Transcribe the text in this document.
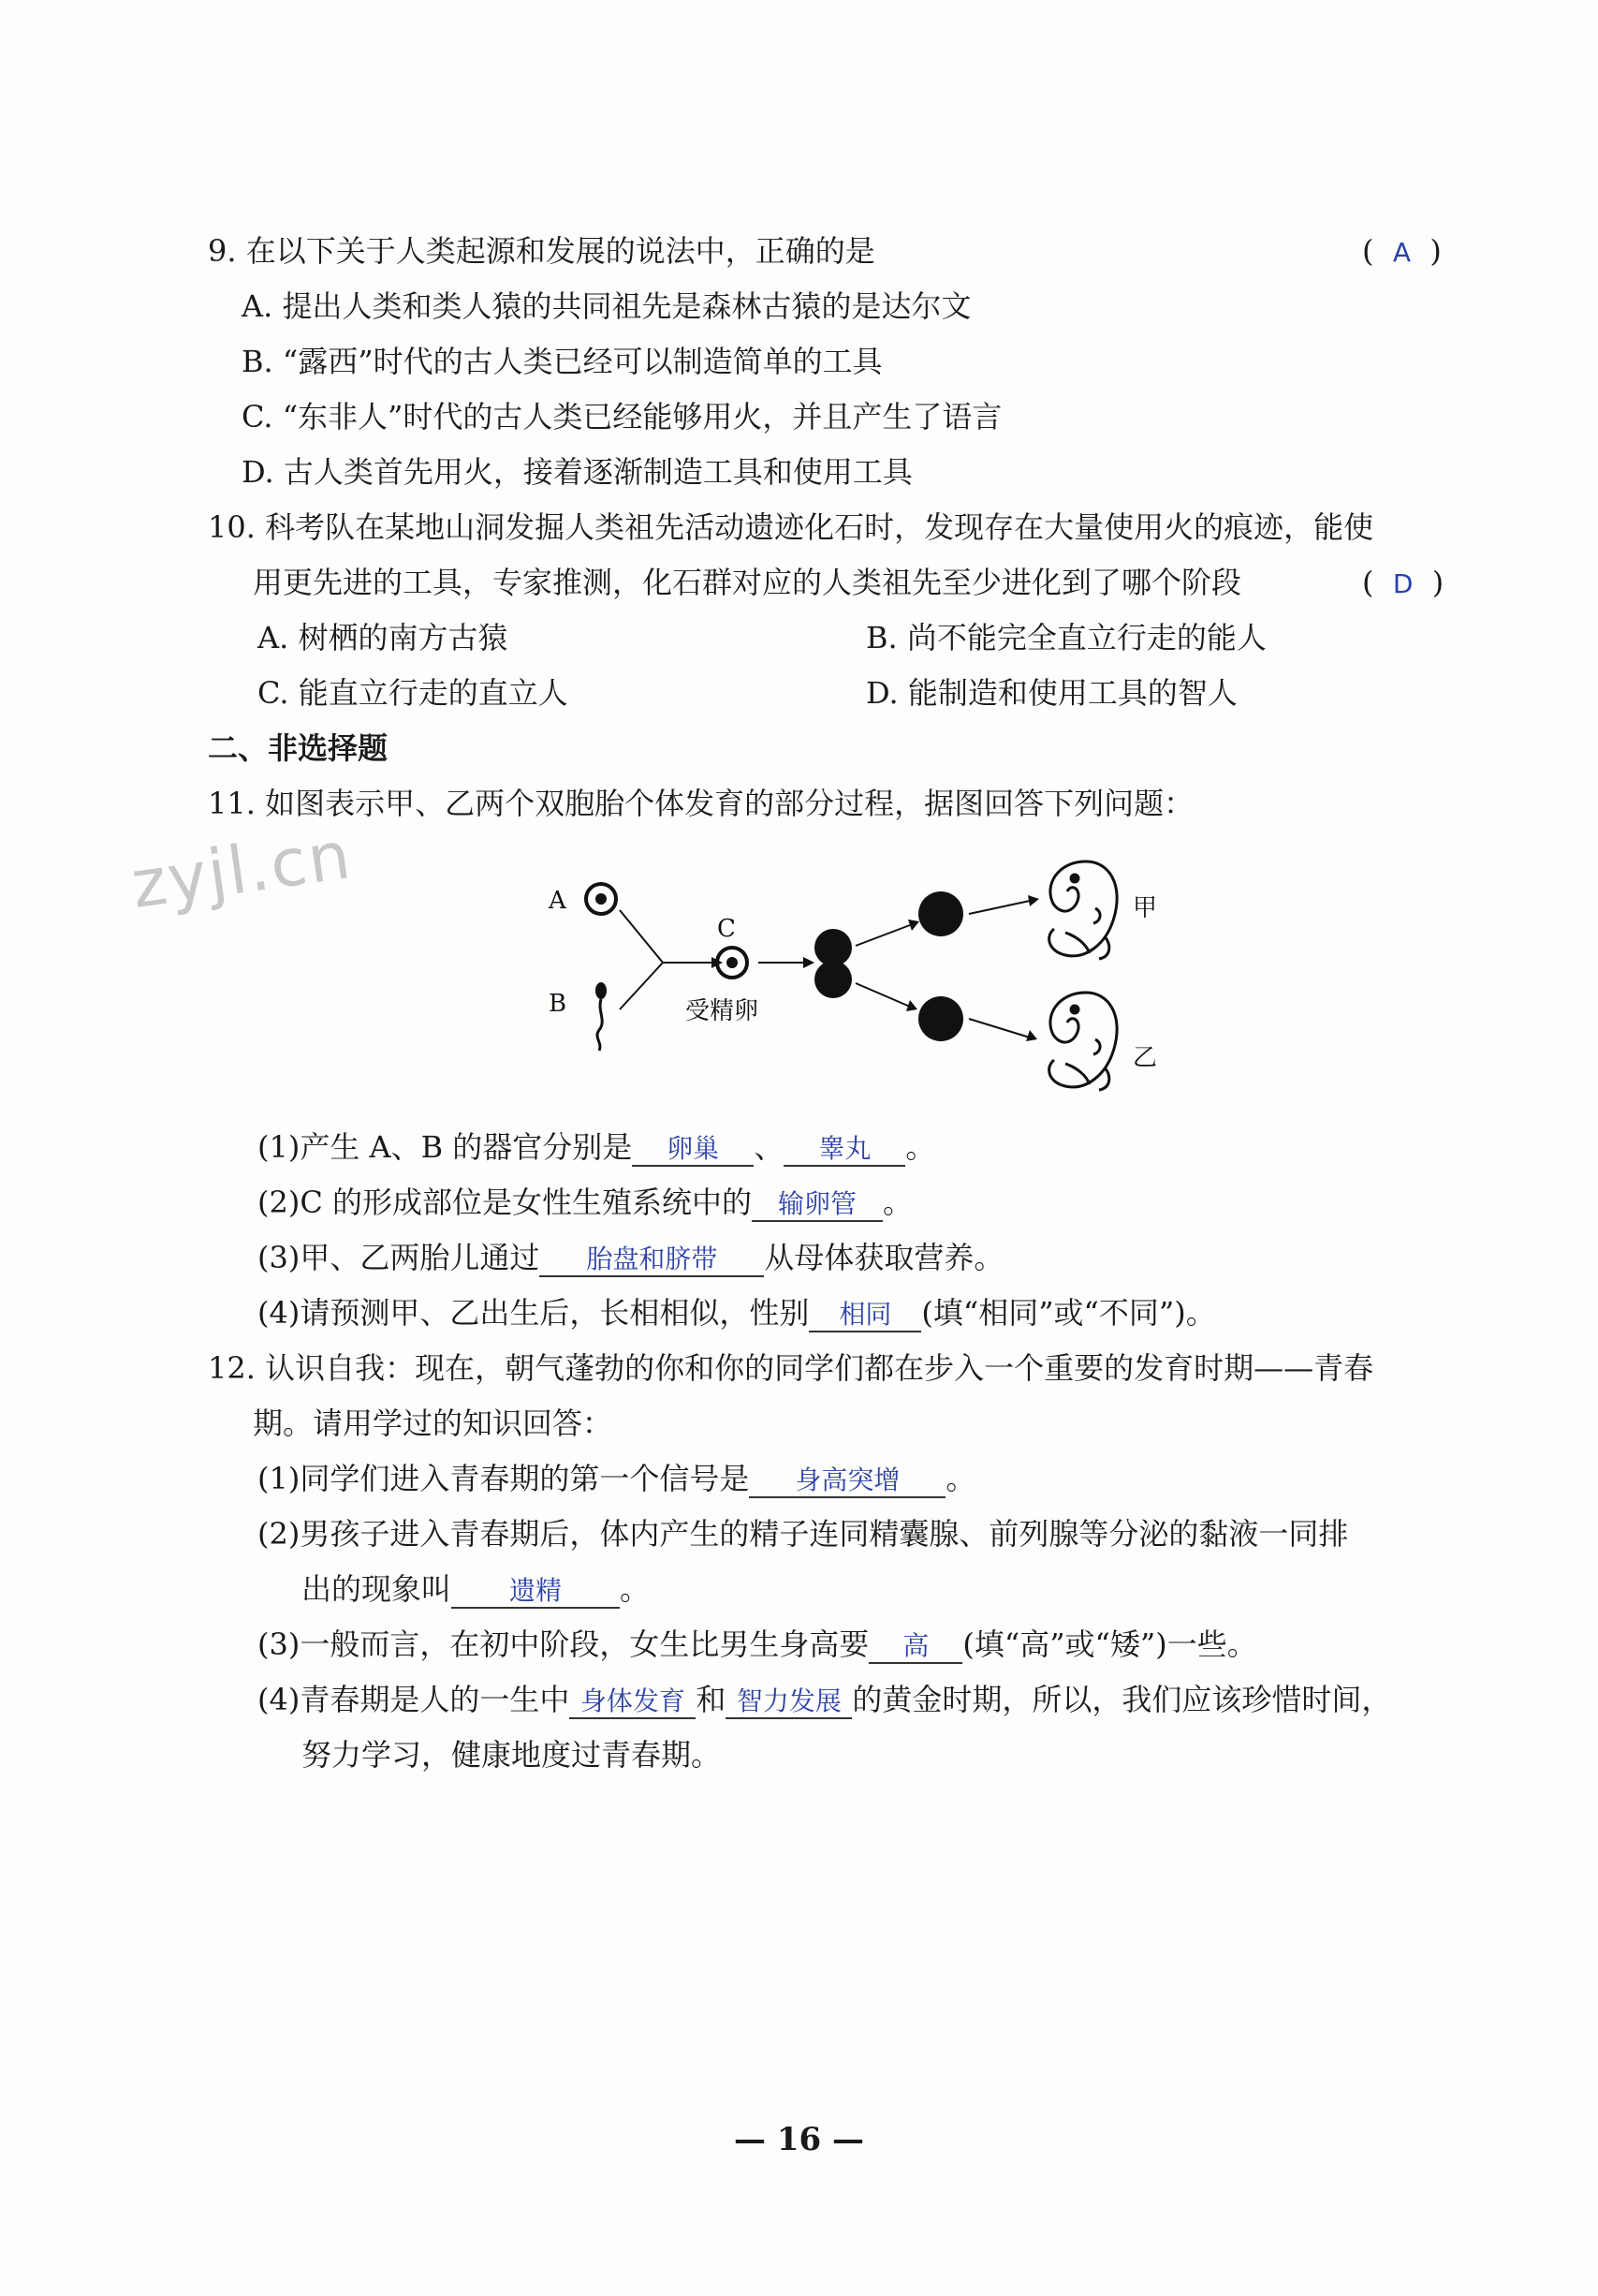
zyjl.cn
9. 在以下关于人类起源和发展的说法中，正确的是	(  A  )
A. 提出人类和类人猿的共同祖先是森林古猿的是达尔文
B. “露西”时代的古人类已经可以制造简单的工具
C. “东非人”时代的古人类已经能够用火，并且产生了语言
D. 古人类首先用火，接着逐渐制造工具和使用工具
10. 科考队在某地山洞发掘人类祖先活动遗迹化石时，发现存在大量使用火的痕迹，能使
用更先进的工具，专家推测，化石群对应的人类祖先至少进化到了哪个阶段	(  D  )
A. 树栖的南方古猿	B. 尚不能完全直立行走的能人
C. 能直立行走的直立人	D. 能制造和使用工具的智人
二、非选择题
11. 如图表示甲、乙两个双胞胎个体发育的部分过程，据图回答下列问题：
A
B
C
受精卵
甲
乙
(1)产生 A、B 的器官分别是 卵巢 、 睾丸 。
(2)C 的形成部位是女性生殖系统中的 输卵管 。
(3)甲、乙两胎儿通过 胎盘和脐带 从母体获取营养。
(4)请预测甲、乙出生后，长相相似，性别 相同 (填“相同”或“不同”)。
12. 认识自我：现在，朝气蓬勃的你和你的同学们都在步入一个重要的发育时期——青春
期。请用学过的知识回答：
(1)同学们进入青春期的第一个信号是 身高突增 。
(2)男孩子进入青春期后，体内产生的精子连同精囊腺、前列腺等分泌的黏液一同排
出的现象叫 遗精 。
(3)一般而言，在初中阶段，女生比男生身高要 高 (填“高”或“矮”)一些。
(4)青春期是人的一生中 身体发育 和 智力发展 的黄金时期，所以，我们应该珍惜时间，
努力学习，健康地度过青春期。
— 16 —
